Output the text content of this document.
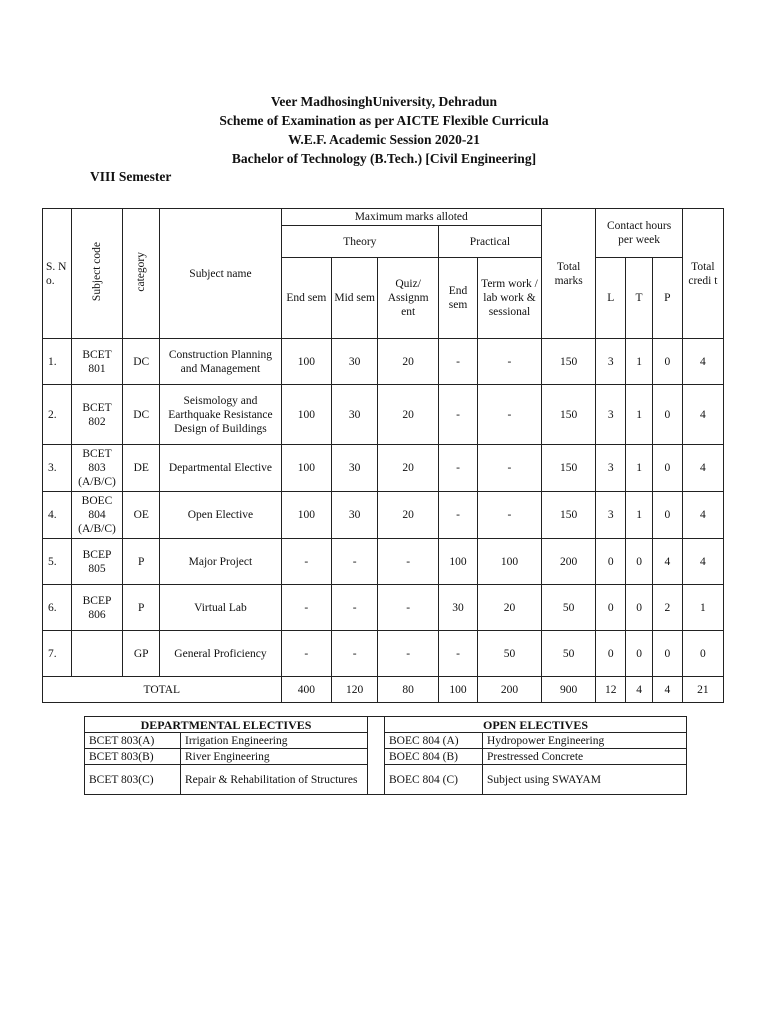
Veer MadhosinghUniversity, Dehradun
Scheme of Examination as per AICTE Flexible Curricula
W.E.F. Academic Session 2020-21
Bachelor of Technology (B.Tech.) [Civil Engineering]
VIII Semester
S. N o.	Subject code	category	Subject name	Maximum marks alloted					Total marks	Contact hours per week			Total credi t
				Theory			Practical						
				End sem	Mid sem	Quiz/ Assignm ent	End sem	Term work / lab work & sessional		L	T	P	
1.	BCET 801	DC	Construction Planning and Management	100	30	20	-	-	150	3	1	0	4
2.	BCET 802	DC	Seismology and Earthquake Resistance Design of Buildings	100	30	20	-	-	150	3	1	0	4
3.	BCET 803 (A/B/C)	DE	Departmental Elective	100	30	20	-	-	150	3	1	0	4
4.	BOEC 804 (A/B/C)	OE	Open Elective	100	30	20	-	-	150	3	1	0	4
5.	BCEP 805	P	Major Project	-	-	-	100	100	200	0	0	4	4
6.	BCEP 806	P	Virtual Lab	-	-	-	30	20	50	0	0	2	1
7.		GP	General Proficiency	-	-	-	-	50	50	0	0	0	0
TOTAL				400	120	80	100	200	900	12	4	4	21
DEPARTMENTAL ELECTIVES			OPEN ELECTIVES	
BCET 803(A)	Irrigation Engineering		BOEC 804 (A)	Hydropower Engineering
BCET 803(B)	River Engineering		BOEC 804 (B)	Prestressed Concrete
BCET 803(C)	Repair & Rehabilitation of Structures		BOEC 804 (C)	Subject using SWAYAM
